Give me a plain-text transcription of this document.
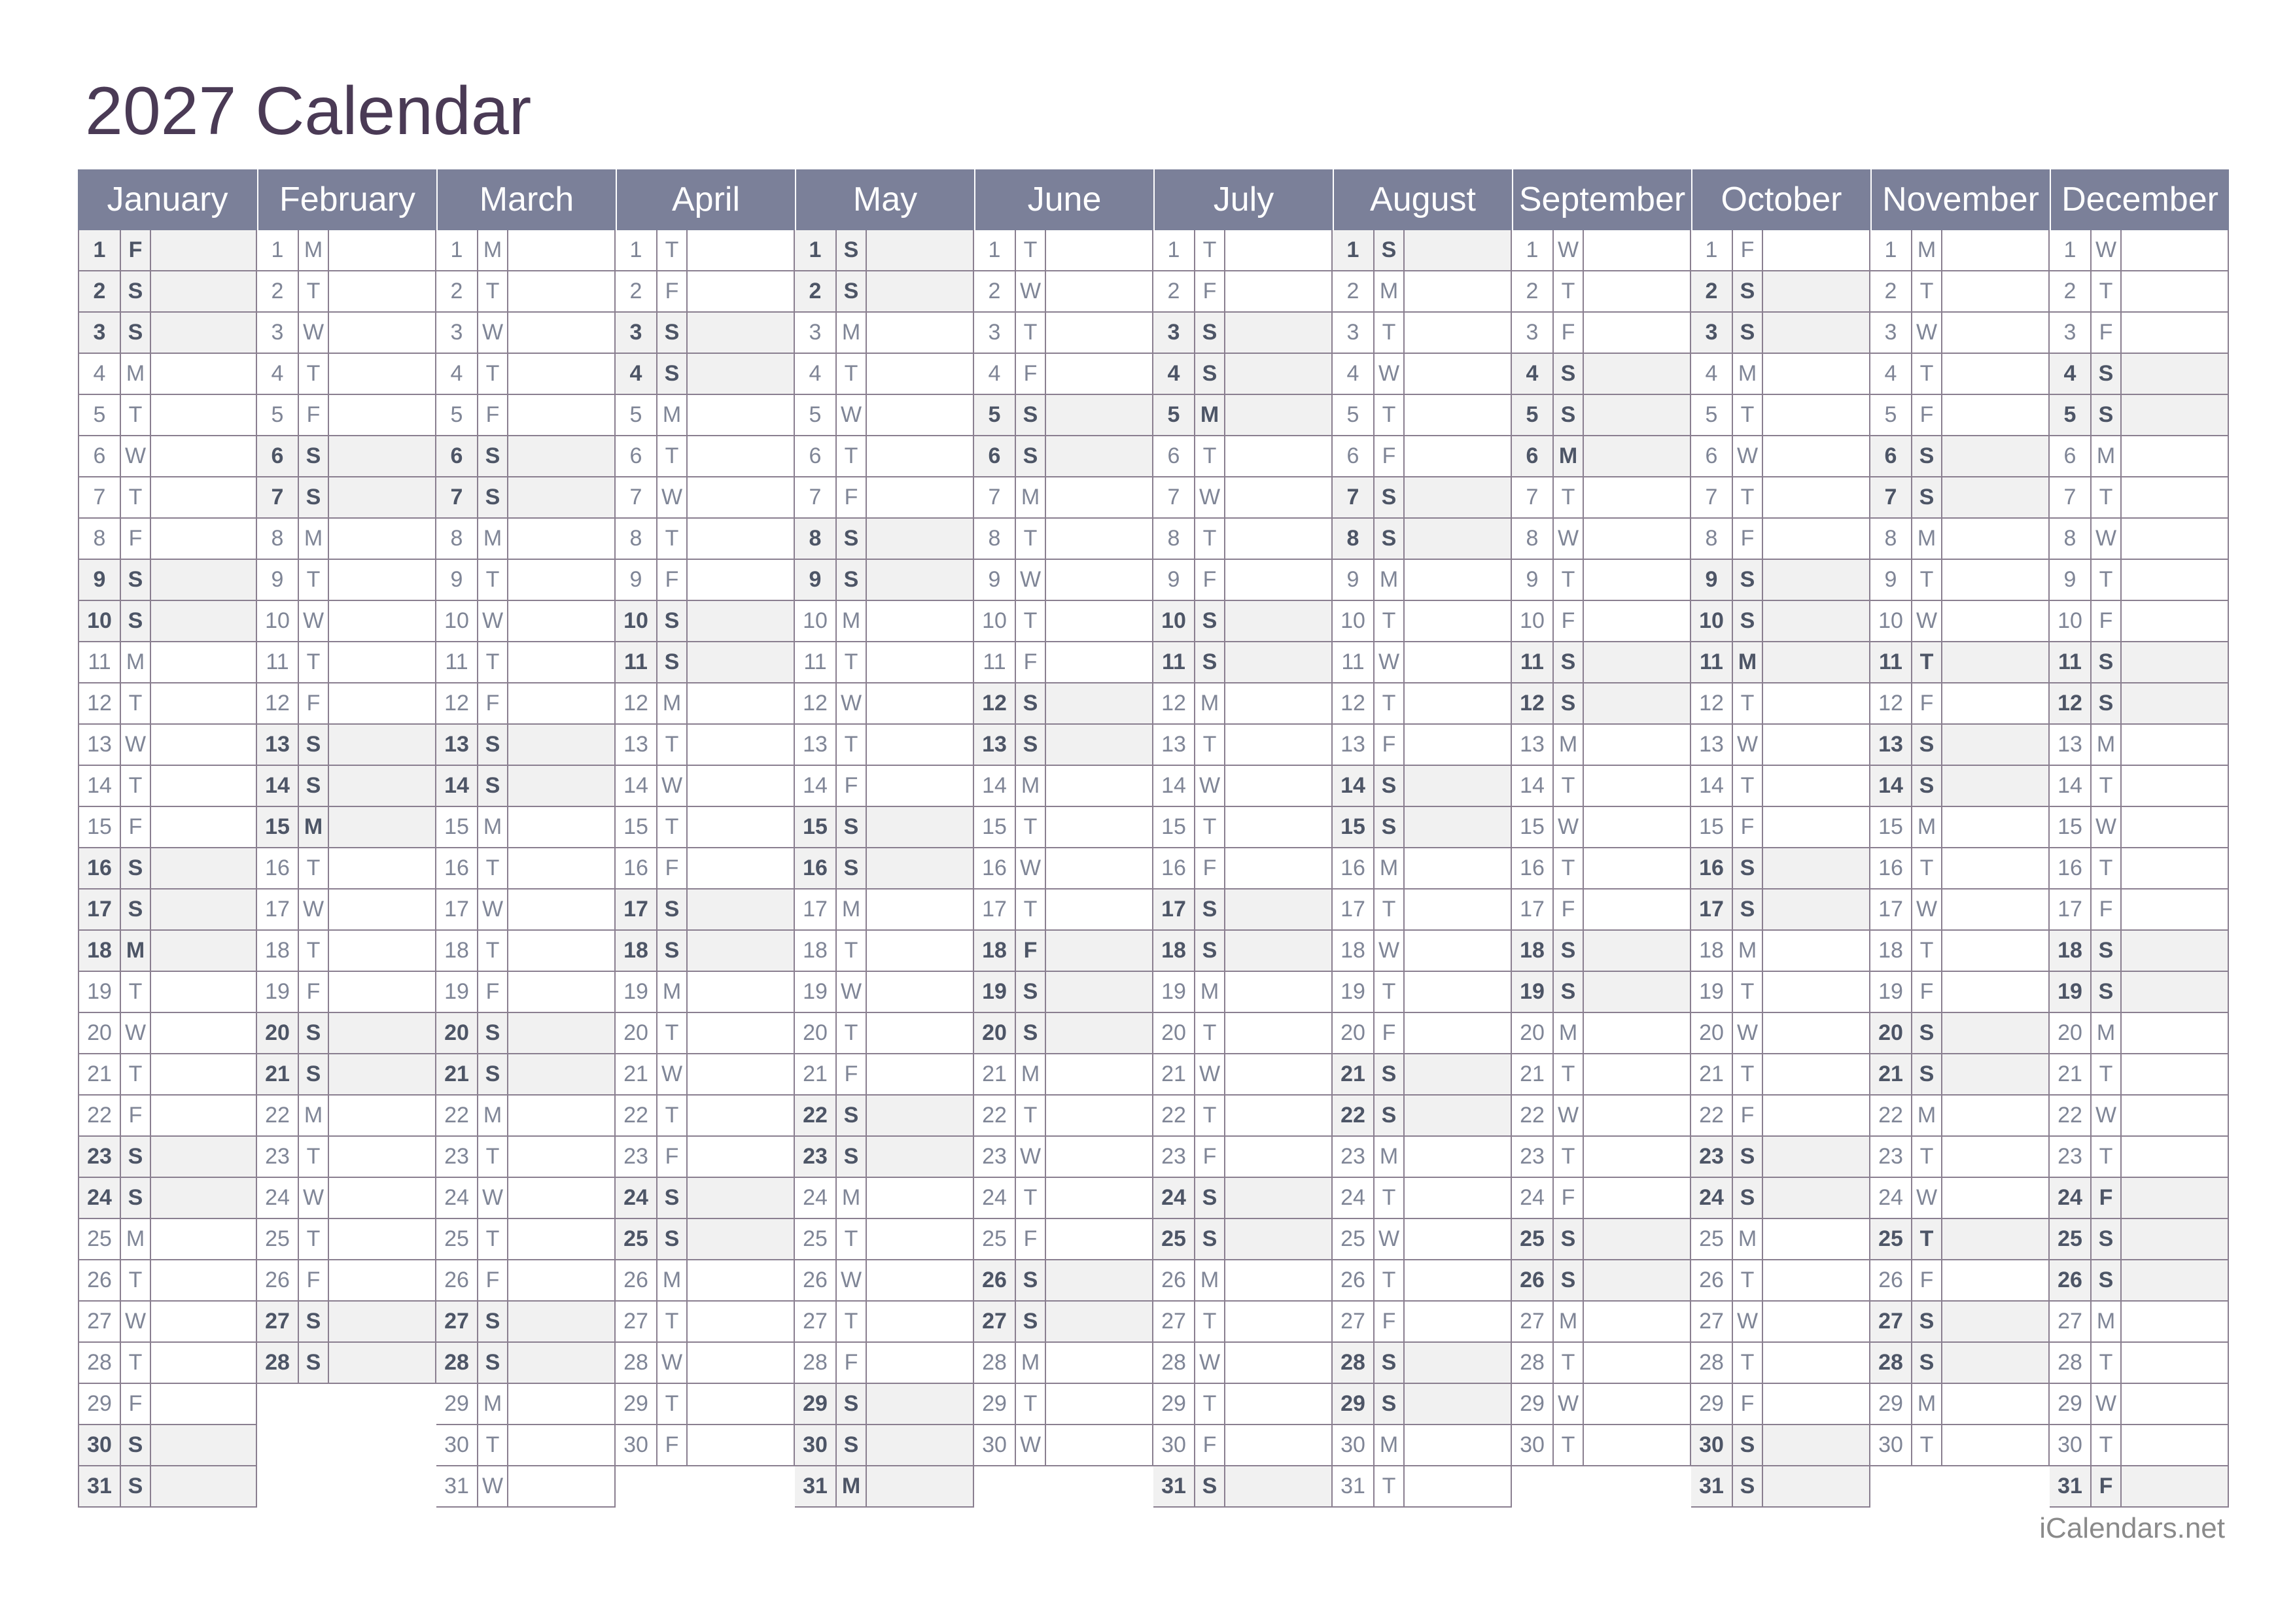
2027 Calendar
January
1	F
2	S
3	S
4 M
5	T
6 W
7	T
8	F
9	S
10 S
11 M
12 T
13 W
14 T
15 F
16 S
17 S
18 M
19 T
20 W
21 T
22 F
23 S
24 S
25 M
26 T
27 W
28 T
29 F
30 S
31 S
February
1 M
2	T
3 W
4	T
5	F
6	S
7	S
8 M
9	T
10 W
11 T
12 F
13 S
14 S
15 M
16 T
17 W
18 T
19 F
20 S
21 S
22 M
23 T
24 W
25 T
26 F
27 S
28 S
March
1 M
2	T
3 W
4	T
5	F
6	S
7	S
8 M
9	T
10 W
11 T
12 F
13 S
14 S
15 M
16 T
17 W
18 T
19 F
20 S
21 S
22 M
23 T
24 W
25 T
26 F
27 S
28 S
29 M
30 T
31 W
April
1	T
2	F
3	S
4	S
5 M
6	T
7 W
8	T
9	F
10 S
11 S
12 M
13 T
14 W
15 T
16 F
17 S
18 S
19 M
20 T
21 W
22 T
23 F
24 S
25 S
26 M
27 T
28 W
29 T
30 F
May
1	S
2	S
3 M
4	T
5 W
6	T
7	F
8	S
9	S
10 M
11 T
12 W
13 T
14 F
15 S
16 S
17 M
18 T
19 W
20 T
21 F
22 S
23 S
24 M
25 T
26 W
27 T
28 F
29 S
30 S
31 M
June
1	T
2 W
3	T
4	F
5	S
6	S
7 M
8	T
9 W
10 T
11 F
12 S
13 S
14 M
15 T
16 W
17 T
18 F
19 S
20 S
21 M
22 T
23 W
24 T
25 F
26 S
27 S
28 M
29 T
30 W
July
1	T
2	F
3	S
4	S
5 M
6	T
7 W
8	T
9	F
10 S
11 S
12 M
13 T
14 W
15 T
16 F
17 S
18 S
19 M
20 T
21 W
22 T
23 F
24 S
25 S
26 M
27 T
28 W
29 T
30 F
31 S
August
1	S
2 M
3	T
4 W
5	T
6	F
7	S
8	S
9 M
10 T
11 W
12 T
13 F
14 S
15 S
16 M
17 T
18 W
19 T
20 F
21 S
22 S
23 M
24 T
25 W
26 T
27 F
28 S
29 S
30 M
31 T
September
1 W
2	T
3	F
4	S
5	S
6 M
7	T
8 W
9	T
10 F
11 S
12 S
13 M
14 T
15 W
16 T
17 F
18 S
19 S
20 M
21 T
22 W
23 T
24 F
25 S
26 S
27 M
28 T
29 W
30 T
October
1	F
2	S
3	S
4 M
5	T
6 W
7	T
8	F
9	S
10 S
11 M
12 T
13 W
14 T
15 F
16 S
17 S
18 M
19 T
20 W
21 T
22 F
23 S
24 S
25 M
26 T
27 W
28 T
29 F
30 S
31 S
November
1 M
2	T
3 W
4	T
5	F
6	S
7	S
8 M
9	T
10 W
11 T
12 F
13 S
14 S
15 M
16 T
17 W
18 T
19 F
20 S
21 S
22 M
23 T
24 W
25 T
26 F
27 S
28 S
29 M
30 T
December
1 W
2	T
3	F
4	S
5	S
6 M
7	T
8 W
9	T
10 F
11 S
12 S
13 M
14 T
15 W
16 T
17 F
18 S
19 S
20 M
21 T
22 W
23 T
24 F
25 S
26 S
27 M
28 T
29 W
30 T
31 F
iCalendars.net
